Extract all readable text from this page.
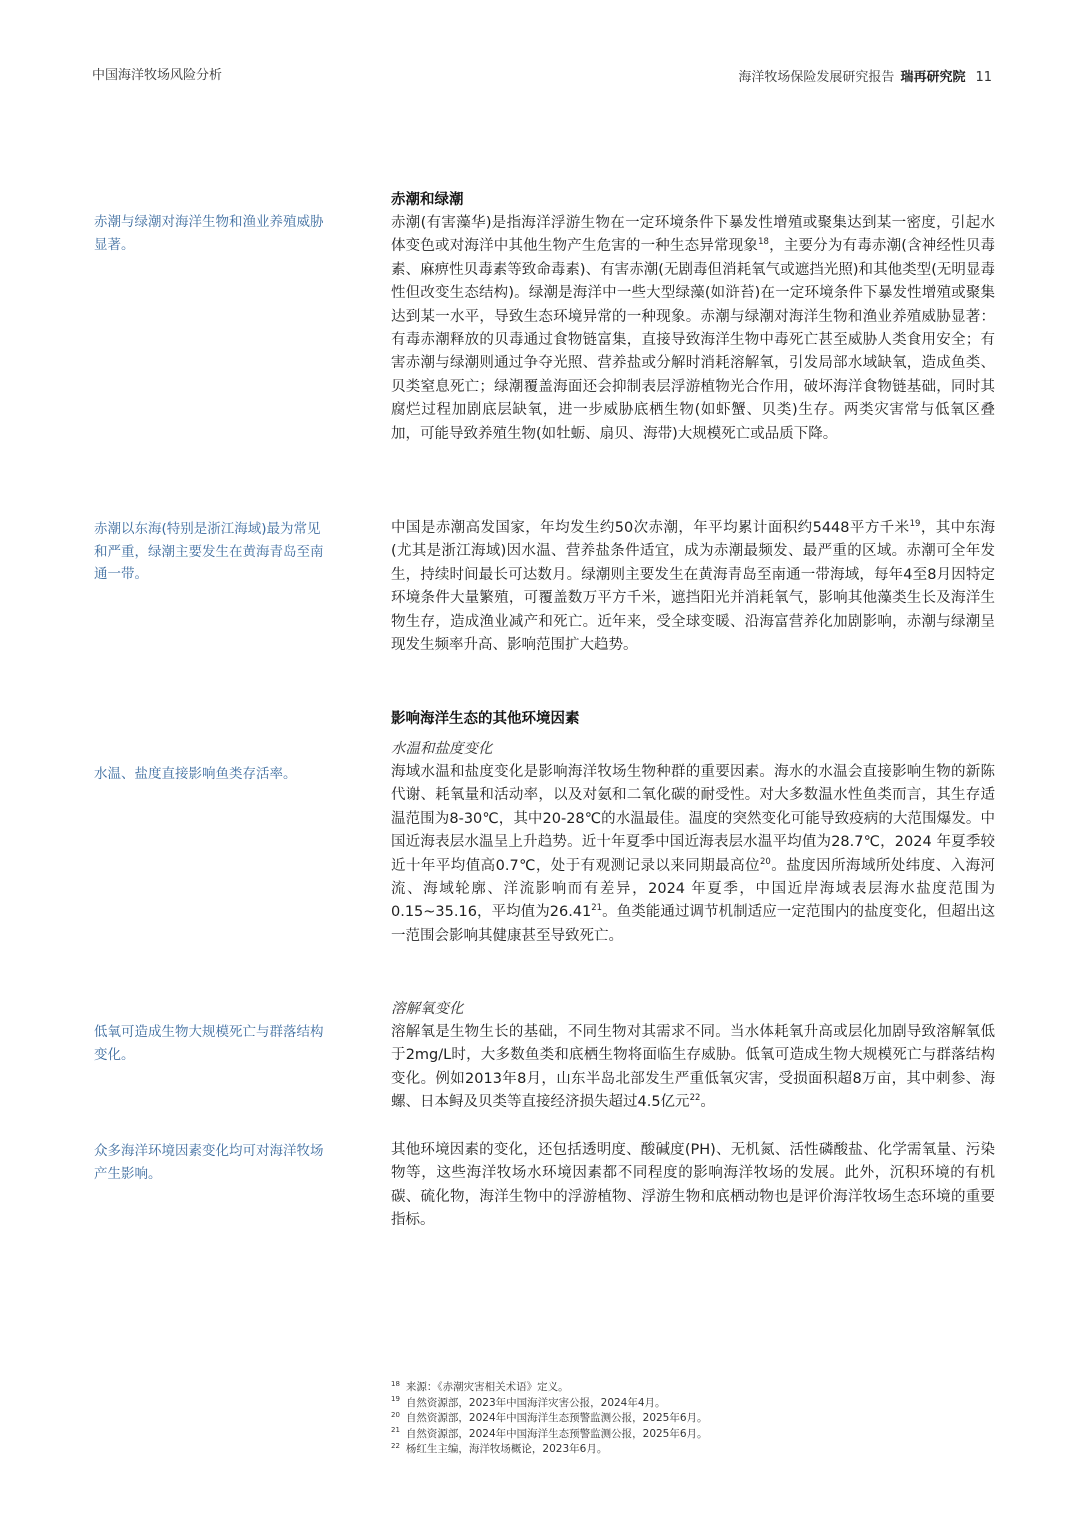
中国海洋牧场风险分析	海洋牧场保险发展研究报告 瑞再研究院 11
赤潮与绿潮对海洋生物和渔业养殖威胁显著。
赤潮以东海(特别是浙江海域)最为常见和严重，绿潮主要发生在黄海青岛至南通一带。
水温、盐度直接影响鱼类存活率。
低氧可造成生物大规模死亡与群落结构变化。
众多海洋环境因素变化均可对海洋牧场产生影响。
赤潮和绿潮
赤潮(有害藻华)是指海洋浮游生物在一定环境条件下暴发性增殖或聚集达到某一密度，引起水体变色或对海洋中其他生物产生危害的一种生态异常现象$^{18}$，主要分为有毒赤潮(含神经性贝毒素、麻痹性贝毒素等致命毒素)、有害赤潮(无剧毒但消耗氧气或遮挡光照)和其他类型(无明显毒性但改变生态结构)。绿潮是海洋中一些大型绿藻(如浒苔)在一定环境条件下暴发性增殖或聚集达到某一水平，导致生态环境异常的一种现象。赤潮与绿潮对海洋生物和渔业养殖威胁显著：有毒赤潮释放的贝毒通过食物链富集，直接导致海洋生物中毒死亡甚至威胁人类食用安全；有害赤潮与绿潮则通过争夺光照、营养盐或分解时消耗溶解氧，引发局部水域缺氧，造成鱼类、贝类窒息死亡；绿潮覆盖海面还会抑制表层浮游植物光合作用，破坏海洋食物链基础，同时其腐烂过程加剧底层缺氧，进一步威胁底栖生物(如虾蟹、贝类)生存。两类灾害常与低氧区叠加，可能导致养殖生物(如牡蛎、扇贝、海带)大规模死亡或品质下降。
中国是赤潮高发国家，年均发生约50次赤潮，年平均累计面积约5448平方千米$^{19}$，其中东海(尤其是浙江海域)因水温、营养盐条件适宜，成为赤潮最频发、最严重的区域。赤潮可全年发生，持续时间最长可达数月。绿潮则主要发生在黄海青岛至南通一带海域，每年4至8月因特定环境条件大量繁殖，可覆盖数万平方千米，遮挡阳光并消耗氧气，影响其他藻类生长及海洋生物生存，造成渔业减产和死亡。近年来，受全球变暖、沿海富营养化加剧影响，赤潮与绿潮呈现发生频率升高、影响范围扩大趋势。
影响海洋生态的其他环境因素
水温和盐度变化
海域水温和盐度变化是影响海洋牧场生物种群的重要因素。海水的水温会直接影响生物的新陈代谢、耗氧量和活动率，以及对氨和二氧化碳的耐受性。对大多数温水性鱼类而言，其生存适温范围为8-30℃，其中20-28℃的水温最佳。温度的突然变化可能导致疫病的大范围爆发。中国近海表层水温呈上升趋势。近十年夏季中国近海表层水温平均值为28.7℃，2024 年夏季较近十年平均值高0.7℃，处于有观测记录以来同期最高位$^{20}$。盐度因所海域所处纬度、入海河流、海域轮廓、洋流影响而有差异，2024 年夏季，中国近岸海域表层海水盐度范围为0.15~35.16，平均值为26.41$^{21}$。鱼类能通过调节机制适应一定范围内的盐度变化，但超出这一范围会影响其健康甚至导致死亡。
溶解氧变化
溶解氧是生物生长的基础，不同生物对其需求不同。当水体耗氧升高或层化加剧导致溶解氧低于2mg/L时，大多数鱼类和底栖生物将面临生存威胁。低氧可造成生物大规模死亡与群落结构变化。例如2013年8月，山东半岛北部发生严重低氧灾害，受损面积超8万亩，其中刺参、海螺、日本鲟及贝类等直接经济损失超过4.5亿元$^{22}$。
其他环境因素的变化，还包括透明度、酸碱度(PH)、无机氮、活性磷酸盐、化学需氧量、污染物等，这些海洋牧场水环境因素都不同程度的影响海洋牧场的发展。此外，沉积环境的有机碳、硫化物，海洋生物中的浮游植物、浮游生物和底栖动物也是评价海洋牧场生态环境的重要指标。
$^{18}$ 来源：《赤潮灾害相关术语》定义。
$^{19}$ 自然资源部，2023年中国海洋灾害公报，2024年4月。
$^{20}$ 自然资源部，2024年中国海洋生态预警监测公报，2025年6月。
$^{21}$ 自然资源部，2024年中国海洋生态预警监测公报，2025年6月。
$^{22}$ 杨红生主编，海洋牧场概论，2023年6月。
